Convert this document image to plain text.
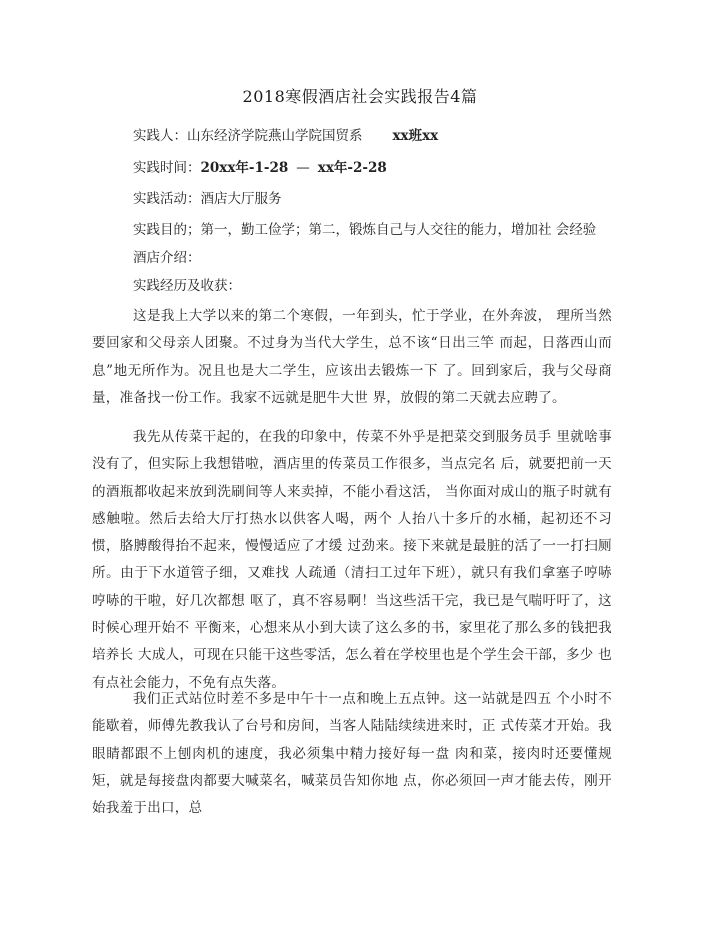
2018寒假酒店社会实践报告4篇
实践人：山东经济学院燕山学院国贸系 xx班xx
实践时间：20xx年-1-28 — xx年-2-28
实践活动：酒店大厅服务
实践目的；第一，勤工俭学；第二，锻炼自己与人交往的能力，增加社 会经验
酒店介绍：
实践经历及收获：

这是我上大学以来的第二个寒假，一年到头，忙于学业，在外奔波， 理所当然要回家和父母亲人团聚。不过身为当代大学生，总不该“日出三竿 而起，日落西山而息”地无所作为。况且也是大二学生，应该出去锻炼一下 了。回到家后，我与父母商量，准备找一份工作。我家不远就是肥牛大世 界，放假的第二天就去应聘了。

我先从传菜干起的，在我的印象中，传菜不外乎是把菜交到服务员手 里就啥事没有了，但实际上我想错啦，酒店里的传菜员工作很多，当点完名 后，就要把前一天的酒瓶都收起来放到洗刷间等人来卖掉，不能小看这活， 当你面对成山的瓶子时就有感触啦。然后去给大厅打热水以供客人喝，两个 人抬八十多斤的水桶，起初还不习惯，胳膊酸得抬不起来，慢慢适应了才缓 过劲来。接下来就是最脏的活了一一打扫厕所。由于下水道管子细，又难找 人疏通（清扫工过年下班），就只有我们拿塞子哼哧哼哧的干啦，好几次都想 呕了，真不容易啊！当这些活干完，我已是气喘吁吁了，这时候心理开始不 平衡来，心想来从小到大读了这么多的书，家里花了那么多的钱把我培养长 大成人，可现在只能干这些零活，怎么着在学校里也是个学生会干部，多少 也有点社会能力，不免有点失落。

我们正式站位时差不多是中午十一点和晚上五点钟。这一站就是四五 个小时不能歇着，师傅先教我认了台号和房间，当客人陆陆续续进来时，正 式传菜才开始。我眼睛都跟不上刨肉机的速度，我必须集中精力接好每一盘 肉和菜，接肉时还要懂规矩，就是每接盘肉都要大喊菜名，喊菜员告知你地 点，你必须回一声才能去传，刚开始我羞于出口，总
